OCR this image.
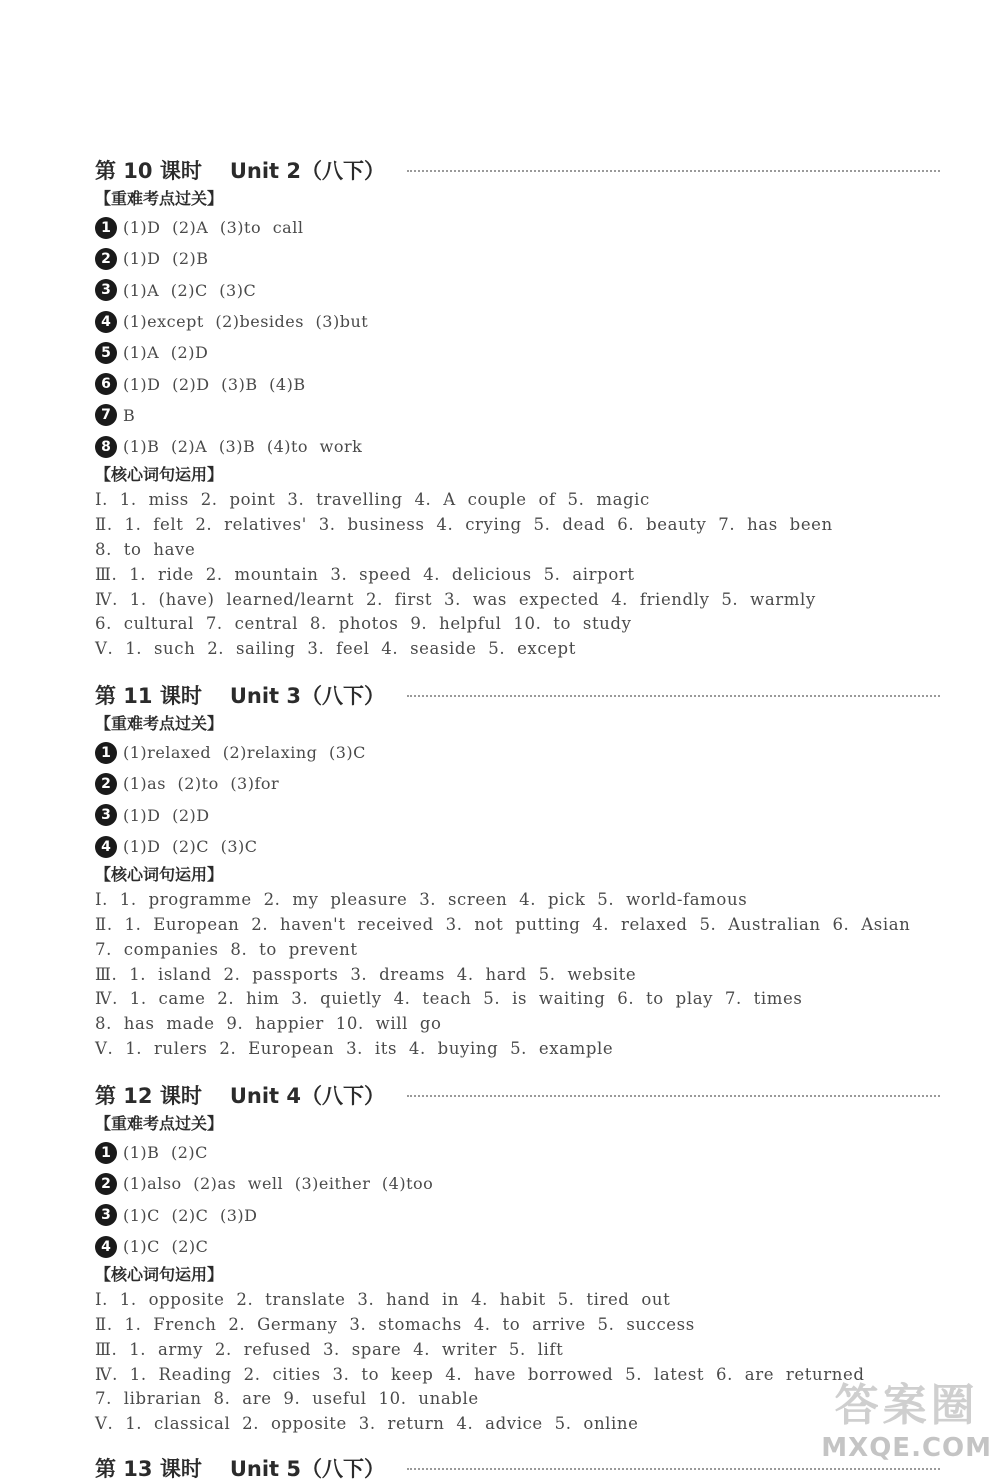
第 10 课时 Unit 2（八下）
【重难考点过关】
1 (1)D (2)A (3)to call
2 (1)D (2)B
3 (1)A (2)C (3)C
4 (1)except (2)besides (3)but
5 (1)A (2)D
6 (1)D (2)D (3)B (4)B
7 B
8 (1)B (2)A (3)B (4)to work
【核心词句运用】
Ⅰ. 1. miss 2. point 3. travelling 4. A couple of 5. magic
Ⅱ. 1. felt 2. relatives' 3. business 4. crying 5. dead 6. beauty 7. has been
8. to have
Ⅲ. 1. ride 2. mountain 3. speed 4. delicious 5. airport
Ⅳ. 1. (have) learned/learnt 2. first 3. was expected 4. friendly 5. warmly
6. cultural 7. central 8. photos 9. helpful 10. to study
Ⅴ. 1. such 2. sailing 3. feel 4. seaside 5. except
第 11 课时 Unit 3（八下）
【重难考点过关】
1 (1)relaxed (2)relaxing (3)C
2 (1)as (2)to (3)for
3 (1)D (2)D
4 (1)D (2)C (3)C
【核心词句运用】
Ⅰ. 1. programme 2. my pleasure 3. screen 4. pick 5. world-famous
Ⅱ. 1. European 2. haven't received 3. not putting 4. relaxed 5. Australian 6. Asian
7. companies 8. to prevent
Ⅲ. 1. island 2. passports 3. dreams 4. hard 5. website
Ⅳ. 1. came 2. him 3. quietly 4. teach 5. is waiting 6. to play 7. times
8. has made 9. happier 10. will go
Ⅴ. 1. rulers 2. European 3. its 4. buying 5. example
第 12 课时 Unit 4（八下）
【重难考点过关】
1 (1)B (2)C
2 (1)also (2)as well (3)either (4)too
3 (1)C (2)C (3)D
4 (1)C (2)C
【核心词句运用】
Ⅰ. 1. opposite 2. translate 3. hand in 4. habit 5. tired out
Ⅱ. 1. French 2. Germany 3. stomachs 4. to arrive 5. success
Ⅲ. 1. army 2. refused 3. spare 4. writer 5. lift
Ⅳ. 1. Reading 2. cities 3. to keep 4. have borrowed 5. latest 6. are returned
7. librarian 8. are 9. useful 10. unable
Ⅴ. 1. classical 2. opposite 3. return 4. advice 5. online
第 13 课时 Unit 5（八下）
答案圈
MXQE.COM
